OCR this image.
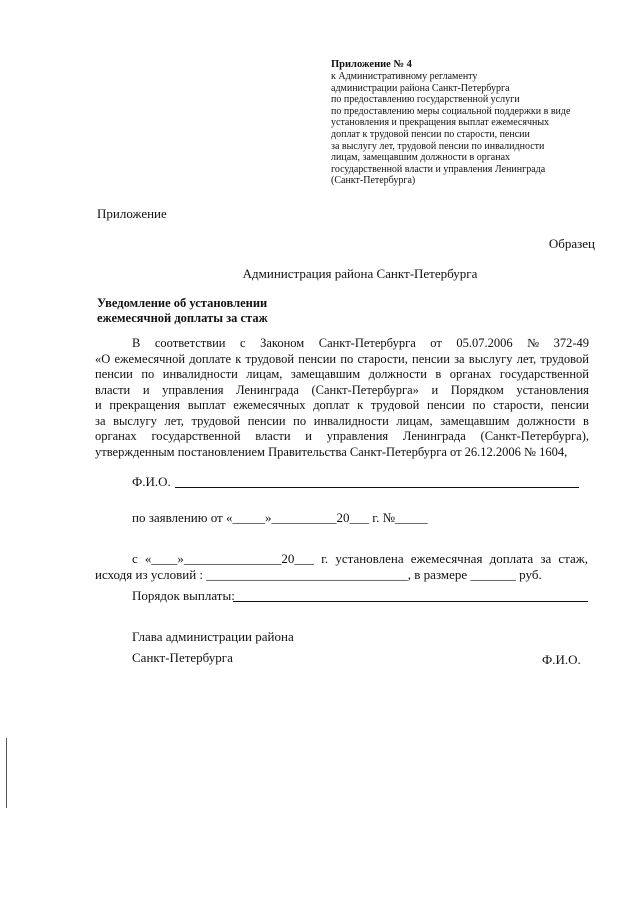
Приложение № 4
к Административному регламенту
администрации района Санкт-Петербурга
по предоставлению государственной услуги
по предоставлению меры социальной поддержки в виде
установления и прекращения выплат ежемесячных
доплат к трудовой пенсии по старости, пенсии
за выслугу лет, трудовой пенсии по инвалидности
лицам, замещавшим должности в органах
государственной власти и управления Ленинграда
(Санкт-Петербурга)
Приложение
Образец
Администрация района Санкт-Петербурга
Уведомление об установлении
ежемесячной доплаты за стаж
В соответствии с Законом Санкт-Петербурга от 05.07.2006 № 372-49
«О ежемесячной доплате к трудовой пенсии по старости, пенсии за выслугу лет, трудовой
пенсии по инвалидности лицам, замещавшим должности в органах государственной
власти и управления Ленинграда (Санкт-Петербурга» и Порядком установления
и прекращения выплат ежемесячных доплат к трудовой пенсии по старости, пенсии
за выслугу лет, трудовой пенсии по инвалидности лицам, замещавшим должности в
органах государственной власти и управления Ленинграда (Санкт-Петербурга),
утвержденным постановлением Правительства Санкт-Петербурга от 26.12.2006 № 1604,
Ф.И.О.
по заявлению от «_____»__________20___ г. №_____
с «____»_______________20___ г. установлена ежемесячная доплата за стаж,
исходя из условий : _______________________________, в размере _______ руб.
Порядок выплаты:
Глава администрации района
Санкт-Петербурга	Ф.И.О.
